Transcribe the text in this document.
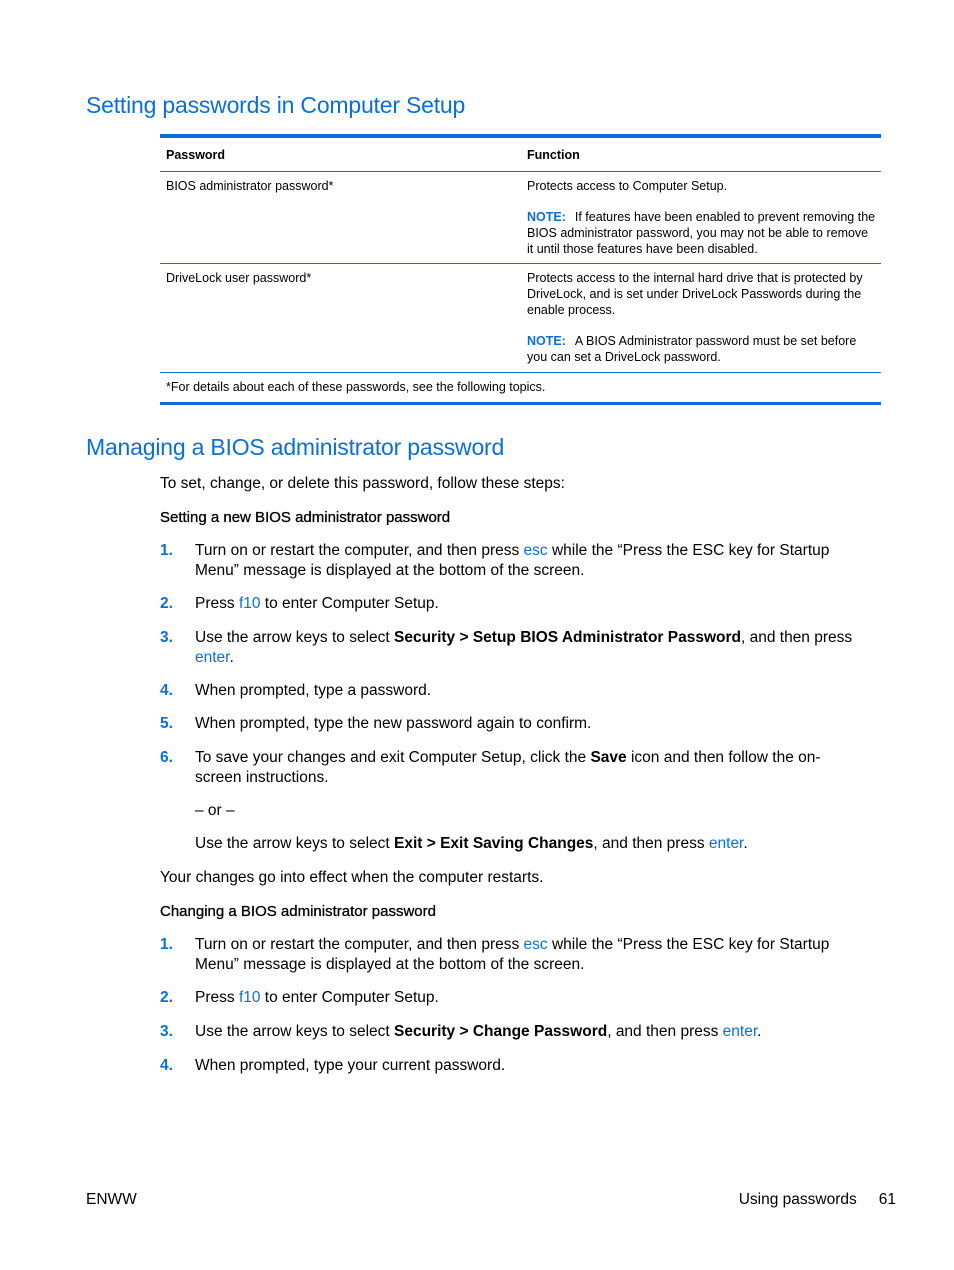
Setting passwords in Computer Setup
Password	Function
BIOS administrator password*	Protects access to Computer Setup.

NOTE: If features have been enabled to prevent removing the BIOS administrator password, you may not be able to remove it until those features have been disabled.

DriveLock user password*	Protects access to the internal hard drive that is protected by DriveLock, and is set under DriveLock Passwords during the enable process.

NOTE: A BIOS Administrator password must be set before you can set a DriveLock password.

*For details about each of these passwords, see the following topics.
Managing a BIOS administrator password

To set, change, or delete this password, follow these steps:

Setting a new BIOS administrator password

1. Turn on or restart the computer, and then press esc while the “Press the ESC key for Startup Menu” message is displayed at the bottom of the screen.
2. Press f10 to enter Computer Setup.
3. Use the arrow keys to select Security > Setup BIOS Administrator Password, and then press enter.
4. When prompted, type a password.
5. When prompted, type the new password again to confirm.
6. To save your changes and exit Computer Setup, click the Save icon and then follow the on-screen instructions.
– or –
Use the arrow keys to select Exit > Exit Saving Changes, and then press enter.

Your changes go into effect when the computer restarts.

Changing a BIOS administrator password

1. Turn on or restart the computer, and then press esc while the “Press the ESC key for Startup Menu” message is displayed at the bottom of the screen.
2. Press f10 to enter Computer Setup.
3. Use the arrow keys to select Security > Change Password, and then press enter.
4. When prompted, type your current password.
ENWW	Using passwords 61
